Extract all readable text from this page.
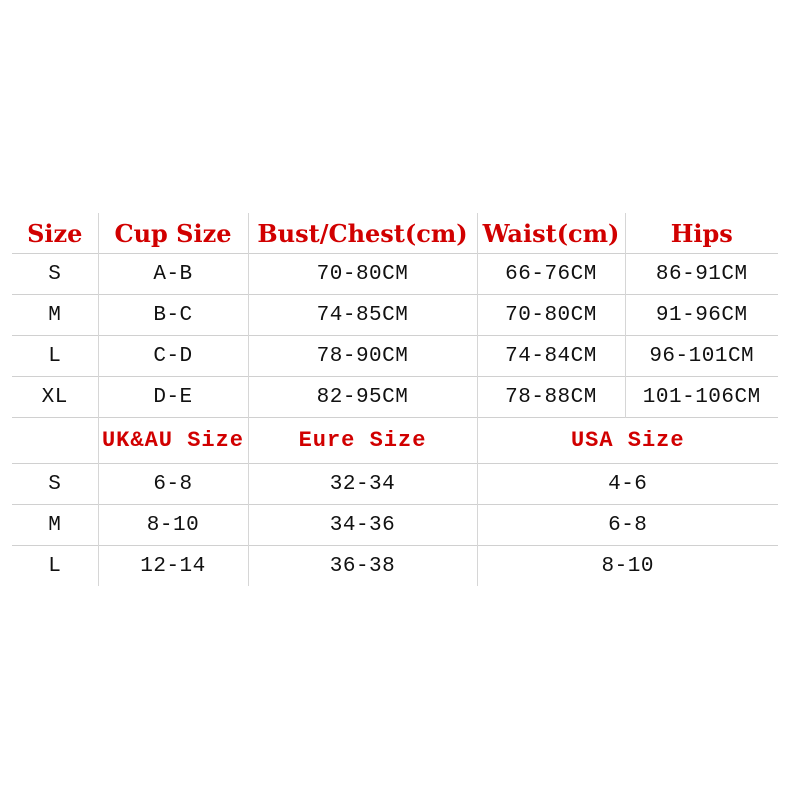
Size	Cup Size	Bust/Chest(cm)	Waist(cm)	Hips
S	A-B	70-80CM	66-76CM	86-91CM
M	B-C	74-85CM	70-80CM	91-96CM
L	C-D	78-90CM	74-84CM	96-101CM
XL	D-E	82-95CM	78-88CM	101-106CM
	UK&AU Size	Eure Size	USA Size	
S	6-8	32-34	4-6	
M	8-10	34-36	6-8	
L	12-14	36-38	8-10	
